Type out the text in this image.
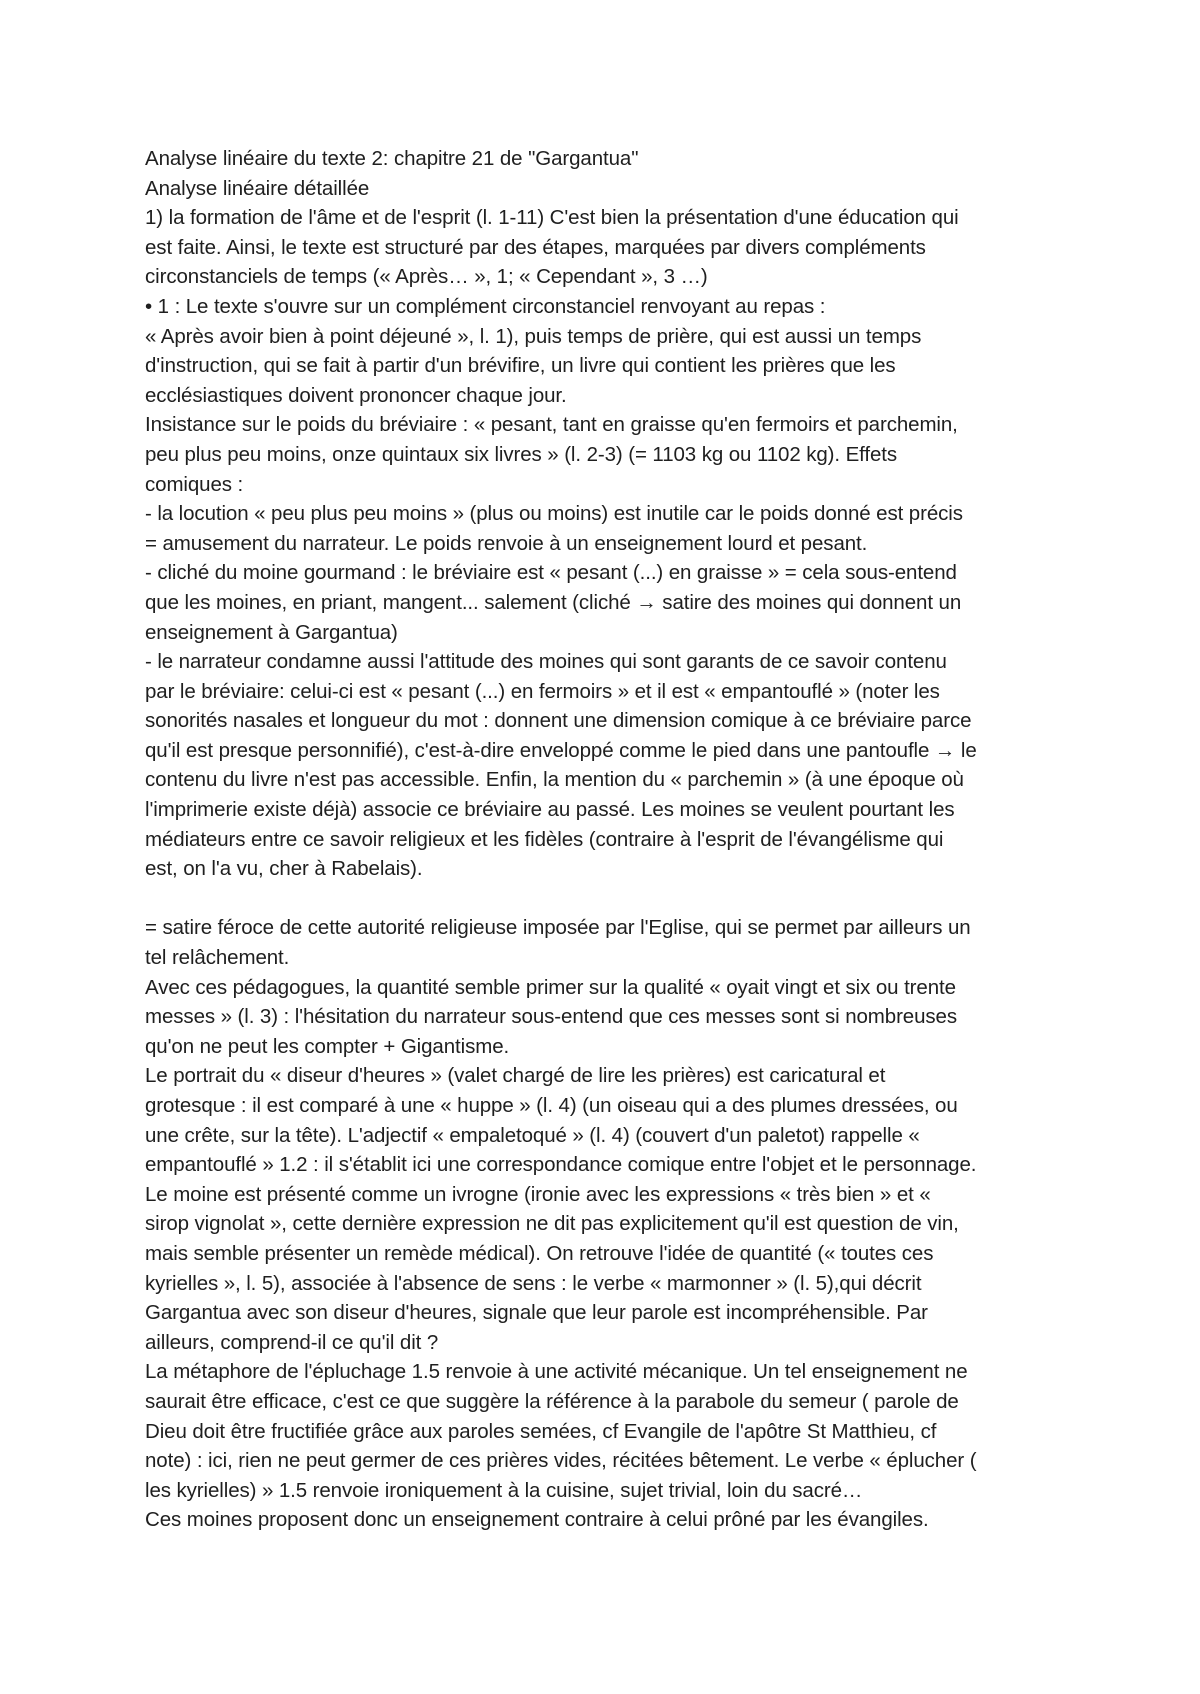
Analyse linéaire du texte 2: chapitre 21 de "Gargantua"
Analyse linéaire détaillée
1) la formation de l'âme et de l'esprit (l. 1-11) C'est bien la présentation d'une éducation qui
est faite. Ainsi, le texte est structuré par des étapes, marquées par divers compléments
circonstanciels de temps (« Après… », 1; « Cependant », 3 …)
• 1 : Le texte s'ouvre sur un complément circonstanciel renvoyant au repas :
« Après avoir bien à point déjeuné », l. 1), puis temps de prière, qui est aussi un temps
d'instruction, qui se fait à partir d'un brévifire, un livre qui contient les prières que les
ecclésiastiques doivent prononcer chaque jour.
Insistance sur le poids du bréviaire : « pesant, tant en graisse qu'en fermoirs et parchemin,
peu plus peu moins, onze quintaux six livres » (l. 2-3) (= 1103 kg ou 1102 kg). Effets
comiques :
- la locution « peu plus peu moins » (plus ou moins) est inutile car le poids donné est précis
= amusement du narrateur. Le poids renvoie à un enseignement lourd et pesant.
- cliché du moine gourmand : le bréviaire est « pesant (...) en graisse » = cela sous-entend
que les moines, en priant, mangent... salement (cliché → satire des moines qui donnent un
enseignement à Gargantua)
- le narrateur condamne aussi l'attitude des moines qui sont garants de ce savoir contenu
par le bréviaire: celui-ci est « pesant (...) en fermoirs » et il est « empantouflé » (noter les
sonorités nasales et longueur du mot : donnent une dimension comique à ce bréviaire parce
qu'il est presque personnifié), c'est-à-dire enveloppé comme le pied dans une pantoufle → le
contenu du livre n'est pas accessible. Enfin, la mention du « parchemin » (à une époque où
l'imprimerie existe déjà) associe ce bréviaire au passé. Les moines se veulent pourtant les
médiateurs entre ce savoir religieux et les fidèles (contraire à l'esprit de l'évangélisme qui
est, on l'a vu, cher à Rabelais).
= satire féroce de cette autorité religieuse imposée par l'Eglise, qui se permet par ailleurs un
tel relâchement.
Avec ces pédagogues, la quantité semble primer sur la qualité « oyait vingt et six ou trente
messes » (l. 3) : l'hésitation du narrateur sous-entend que ces messes sont si nombreuses
qu'on ne peut les compter + Gigantisme.
Le portrait du « diseur d'heures » (valet chargé de lire les prières) est caricatural et
grotesque : il est comparé à une « huppe » (l. 4) (un oiseau qui a des plumes dressées, ou
une crête, sur la tête). L'adjectif « empaletoqué » (l. 4) (couvert d'un paletot) rappelle «
empantouflé » 1.2 : il s'établit ici une correspondance comique entre l'objet et le personnage.
Le moine est présenté comme un ivrogne (ironie avec les expressions « très bien » et «
sirop vignolat », cette dernière expression ne dit pas explicitement qu'il est question de vin,
mais semble présenter un remède médical). On retrouve l'idée de quantité (« toutes ces
kyrielles », l. 5), associée à l'absence de sens : le verbe « marmonner » (l. 5),qui décrit
Gargantua avec son diseur d'heures, signale que leur parole est incompréhensible. Par
ailleurs, comprend-il ce qu'il dit ?
La métaphore de l'épluchage 1.5 renvoie à une activité mécanique. Un tel enseignement ne
saurait être efficace, c'est ce que suggère la référence à la parabole du semeur ( parole de
Dieu doit être fructifiée grâce aux paroles semées, cf Evangile de l'apôtre St Matthieu, cf
note) : ici, rien ne peut germer de ces prières vides, récitées bêtement. Le verbe « éplucher (
les kyrielles) » 1.5 renvoie ironiquement à la cuisine, sujet trivial, loin du sacré…
Ces moines proposent donc un enseignement contraire à celui prôné par les évangiles.
